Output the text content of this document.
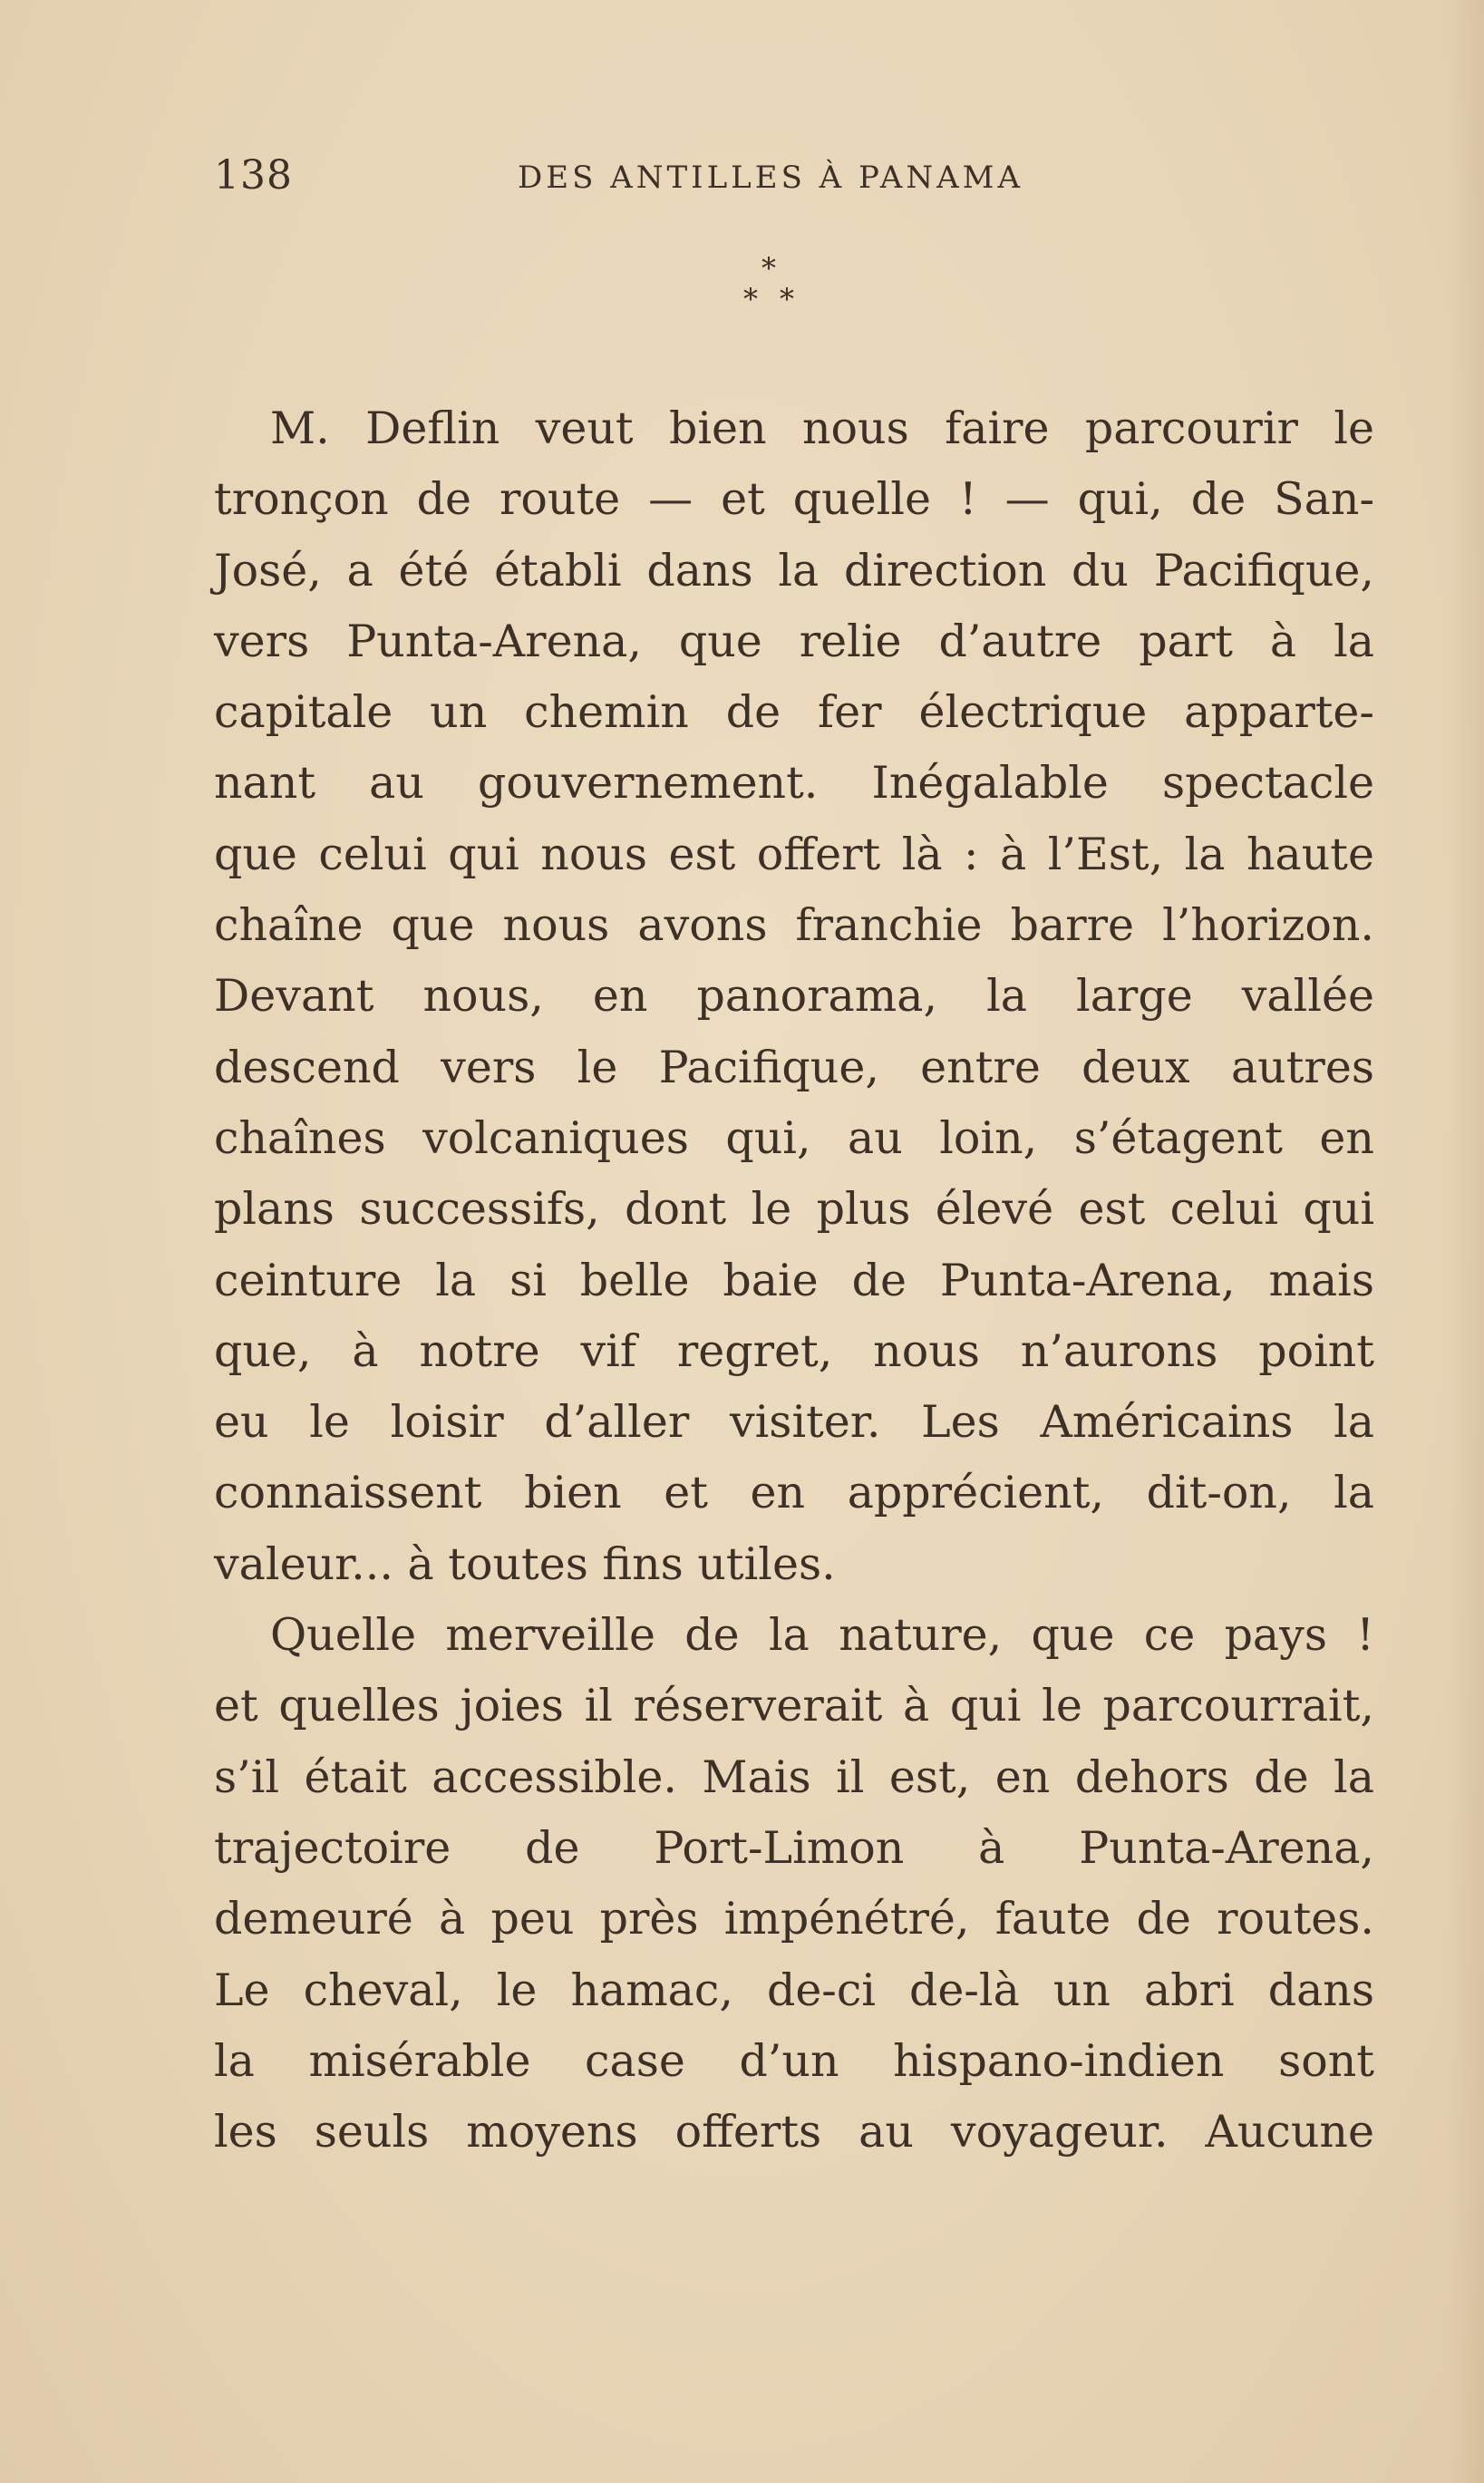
138	DES ANTILLES À PANAMA
*
* *
M. Deflin veut bien nous faire parcourir le
tronçon de route — et quelle ! — qui, de San-
José, a été établi dans la direction du Pacifique,
vers Punta-Arena, que relie d’autre part à la
capitale un chemin de fer électrique apparte-
nant au gouvernement. Inégalable spectacle
que celui qui nous est offert là : à l’Est, la haute
chaîne que nous avons franchie barre l’horizon.
Devant nous, en panorama, la large vallée
descend vers le Pacifique, entre deux autres
chaînes volcaniques qui, au loin, s’étagent en
plans successifs, dont le plus élevé est celui qui
ceinture la si belle baie de Punta-Arena, mais
que, à notre vif regret, nous n’aurons point
eu le loisir d’aller visiter. Les Américains la
connaissent bien et en apprécient, dit-on, la
valeur... à toutes fins utiles.
Quelle merveille de la nature, que ce pays !
et quelles joies il réserverait à qui le parcourrait,
s’il était accessible. Mais il est, en dehors de la
trajectoire de Port-Limon à Punta-Arena,
demeuré à peu près impénétré, faute de routes.
Le cheval, le hamac, de-ci de-là un abri dans
la misérable case d’un hispano-indien sont
les seuls moyens offerts au voyageur. Aucune
